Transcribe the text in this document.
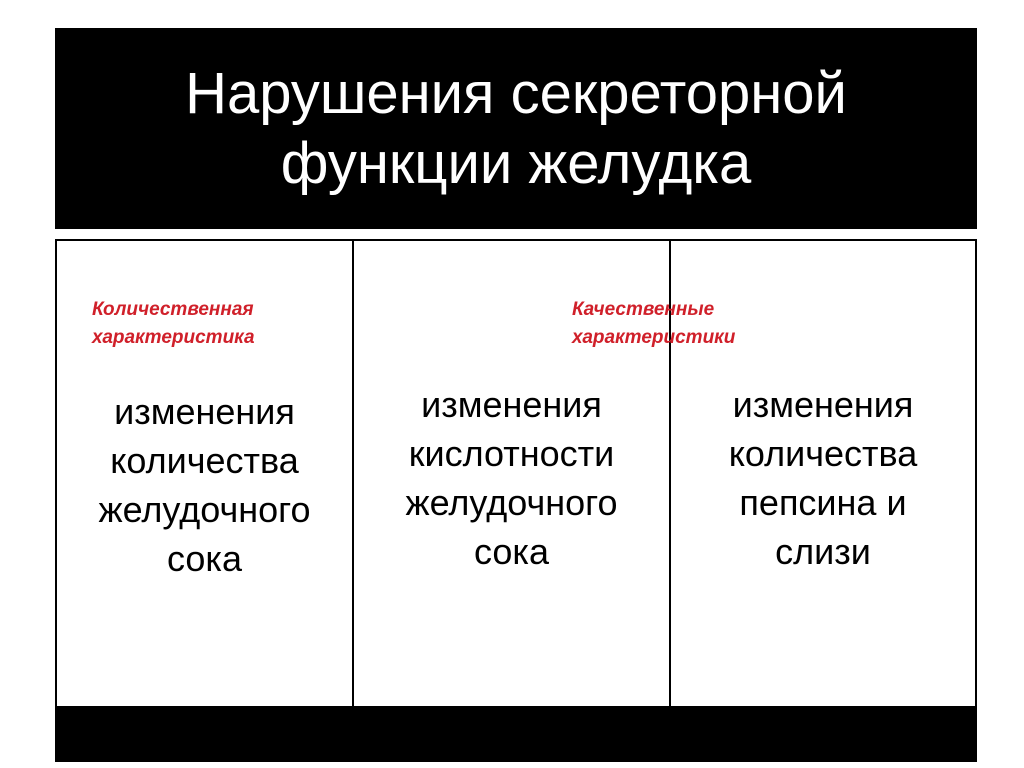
Нарушения секреторной
функции желудка
Количественная
характеристика
Качественные
характеристики
изменения
количества
желудочного
сока
изменения
кислотности
желудочного
сока
изменения
количества
пепсина и
слизи
